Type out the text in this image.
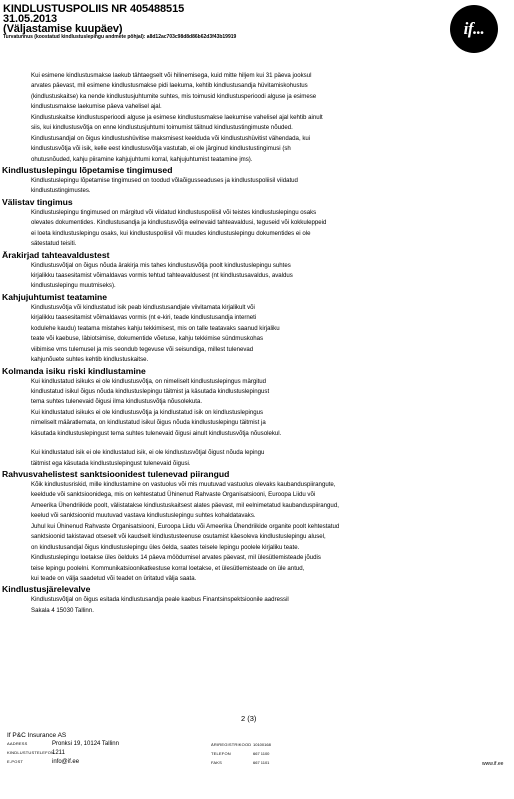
KINDLUSTUSPOLIIS NR 405488515
31.05.2013
(Väljastamise kuupäev)
Turvatunnus (koostatud kindlustuslepingu andmete põhjal): a8d12ac703c98d8d86b62d3f43b19919	if...
Kui esimene kindlustusmakse laekub tähtaegselt või hilinemisega, kuid mitte hiljem kui 31 päeva jooksul
arvates päevast, mil esimene kindlustusmakse pidi laekuma, kehtib kindlustusandja hüvitamiskohustus
(kindlustuskaitse) ka nende kindlustusjuhtumite suhtes, mis toimusid kindlustusperioodi alguse ja esimese
kindlustusmakse laekumise päeva vahelisel ajal.
Kindlustuskaitse kindlustusperioodi alguse ja esimese kindlustusmakse laekumise vahelisel ajal kehtib ainult
siis, kui kindlustusvõtja on enne kindlustusjuhtumi toimumist täitnud kindlustustingimuste nõuded.
Kindlustusandjal on õigus kindlustushüvitise maksmisest keelduda või kindlustushüvitist vähendada, kui
kindlustusvõtja või isik, kelle eest kindlustusvõtja vastutab, ei ole järginud kindlustustingimusi (sh
ohutusnõuded, kahju piiramine kahjujuhtumi korral, kahjujuhtumist teatamine jms).
Kindlustuslepingu lõpetamise tingimused
Kindlustuslepingu lõpetamise tingimused on toodud võlaõigusseaduses ja kindlustuspoliisil viidatud
kindlustustingimustes.
Välistav tingimus
Kindlustuslepingu tingimused on märgitud või viidatud kindlustuspoliisil või teistes kindlustuslepingu osaks
olevates dokumentides. Kindlustusandja ja kindlustusvõtja eelnevaid tahteavaldusi, teguseid või kokkuleppeid
ei loeta kindlustuslepingu osaks, kui kindlustuspoliisil või muudes kindlustuslepingu dokumentides ei ole
sätestatud teisiti.
Ärakirjad tahteavaldustest
Kindlustusvõtjal on õigus nõuda ärakirja mis tahes kindlustusvõtja poolt kindlustuslepingu suhtes
kirjalikku taasesitamist võimaldavas vormis tehtud tahteavaldusest (nt kindlustusavaldus, avaldus
kindlustuslepingu muutmiseks).
Kahjujuhtumist teatamine
Kindlustusvõtja või kindlustatud isik peab kindlustusandjale viivitamata kirjalikult või
kirjalikku taasesitamist võimaldavas vormis (nt e-kiri, teade kindlustusandja interneti
kodulehe kaudu) teatama mistahes kahju tekkimisest, mis on talle teatavaks saanud kirjaliku
teate või kaebuse, läbiotsimise, dokumentide võetuse, kahju tekkimise sündmuskohas
viibimise vms tulemusel ja mis seondub tegevuse või seisundiga, millest tulenevad
kahjunõuete suhtes kehtib kindlustuskaitse.
Kolmanda isiku riski kindlustamine
Kui kindlustatud isikuks ei ole kindlustusvõtja, on nimeliselt kindlustuslepingus märgitud
kindlustatud isikul õigus nõuda kindlustuslepingu täitmist ja käsutada kindlustuslepingust
tema suhtes tulenevaid õigusi ilma kindlustusvõtja nõusolekuta.
Kui kindlustatud isikuks ei ole kindlustusvõtja ja kindlustatud isik on kindlustuslepingus
nimeliselt määratlemata, on kindlustatud isikul õigus nõuda kindlustuslepingu täitmist ja
käsutada kindlustuslepingust tema suhtes tulenevaid õigusi ainult kindlustusvõtja nõusolekul.
Kui kindlustatud isik ei ole kindlustatud isik, ei ole kindlustusvõtjal õigust nõuda lepingu
täitmist ega käsutada kindlustuslepingust tulenevaid õigusi.
Rahvusvahelistest sanktsioonidest tulenevad piirangud
Kõik kindlustusriskid, mille kindlustamine on vastuolus või mis muutuvad vastuolus olevaks kaubanduspiirangute,
keeldude või sanktsioonidega, mis on kehtestatud Ühinenud Rahvaste Organisatsiooni, Euroopa Liidu või
Ameerika Ühendriikide poolt, välistatakse kindlustuskaitsest alates päevast, mil eelnimetatud kaubanduspiirangud,
keelud või sanktsioonid muutuvad vastava kindlustuslepingu suhtes kohaldatavaks.
Juhul kui Ühinenud Rahvaste Organisatsiooni, Euroopa Liidu või Ameerika Ühendriikide organite poolt kehtestatud
sanktsioonid takistavad otseselt või kaudselt kindlustusteenuse osutamist käesoleva kindlustuslepingu alusel,
on kindlustusandjal õigus kindlustuslepingu üles öelda, saates teisele lepingu poolele kirjaliku teate.
Kindlustuslepingu loetakse üles öelduks 14 päeva möödumisel arvates päevast, mil ülesütlemisteade jõudis
teise lepingu poolelni. Kommunikatsioonikatkestuse korral loetakse, et ülesütlemisteade on üle antud,
kui teade on välja saadetud või teadet on üritatud välja saata.
Kindlustusjärelevalve
Kindlustusvõtjal on õigus esitada kindlustusandja peale kaebus Finantsinspektsioonile aadressil
Sakala 4 15030 Tallinn.
2 (3)
If P&C Insurance AS
AADRESS	Pronksi 19, 10124 Tallinn
KINDLUSTUSTELEFON1211
E-POST	info@if.ee
ÄRIREGISTRIKOOD 10100168
TELEFON	667 1100
FAKS	667 1101	www.if.ee
